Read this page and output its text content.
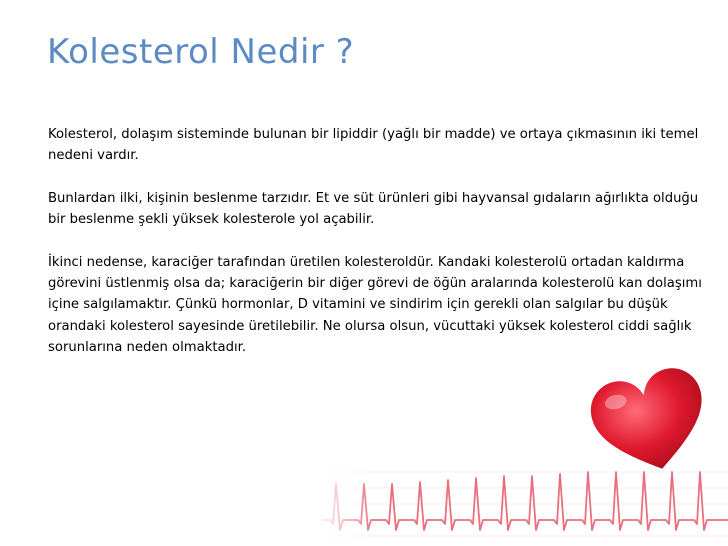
Kolesterol Nedir ?

Kolesterol, dolaşım sisteminde bulunan bir lipiddir (yağlı bir madde) ve ortaya çıkmasının iki temel nedeni vardır.

Bunlardan ilki, kişinin beslenme tarzıdır. Et ve süt ürünleri gibi hayvansal gıdaların ağırlıkta olduğu bir beslenme şekli yüksek kolesterole yol açabilir.

İkinci nedense, karaciğer tarafından üretilen kolesteroldür. Kandaki kolesterolü ortadan kaldırma görevini üstlenmiş olsa da; karaciğerin bir diğer görevi de öğün aralarında kolesterolü kan dolaşımı içine salgılamaktır. Çünkü hormonlar, D vitamini ve sindirim için gerekli olan salgılar bu düşük orandaki kolesterol sayesinde üretilebilir. Ne olursa olsun, vücuttaki yüksek kolesterol ciddi sağlık sorunlarına neden olmaktadır.
